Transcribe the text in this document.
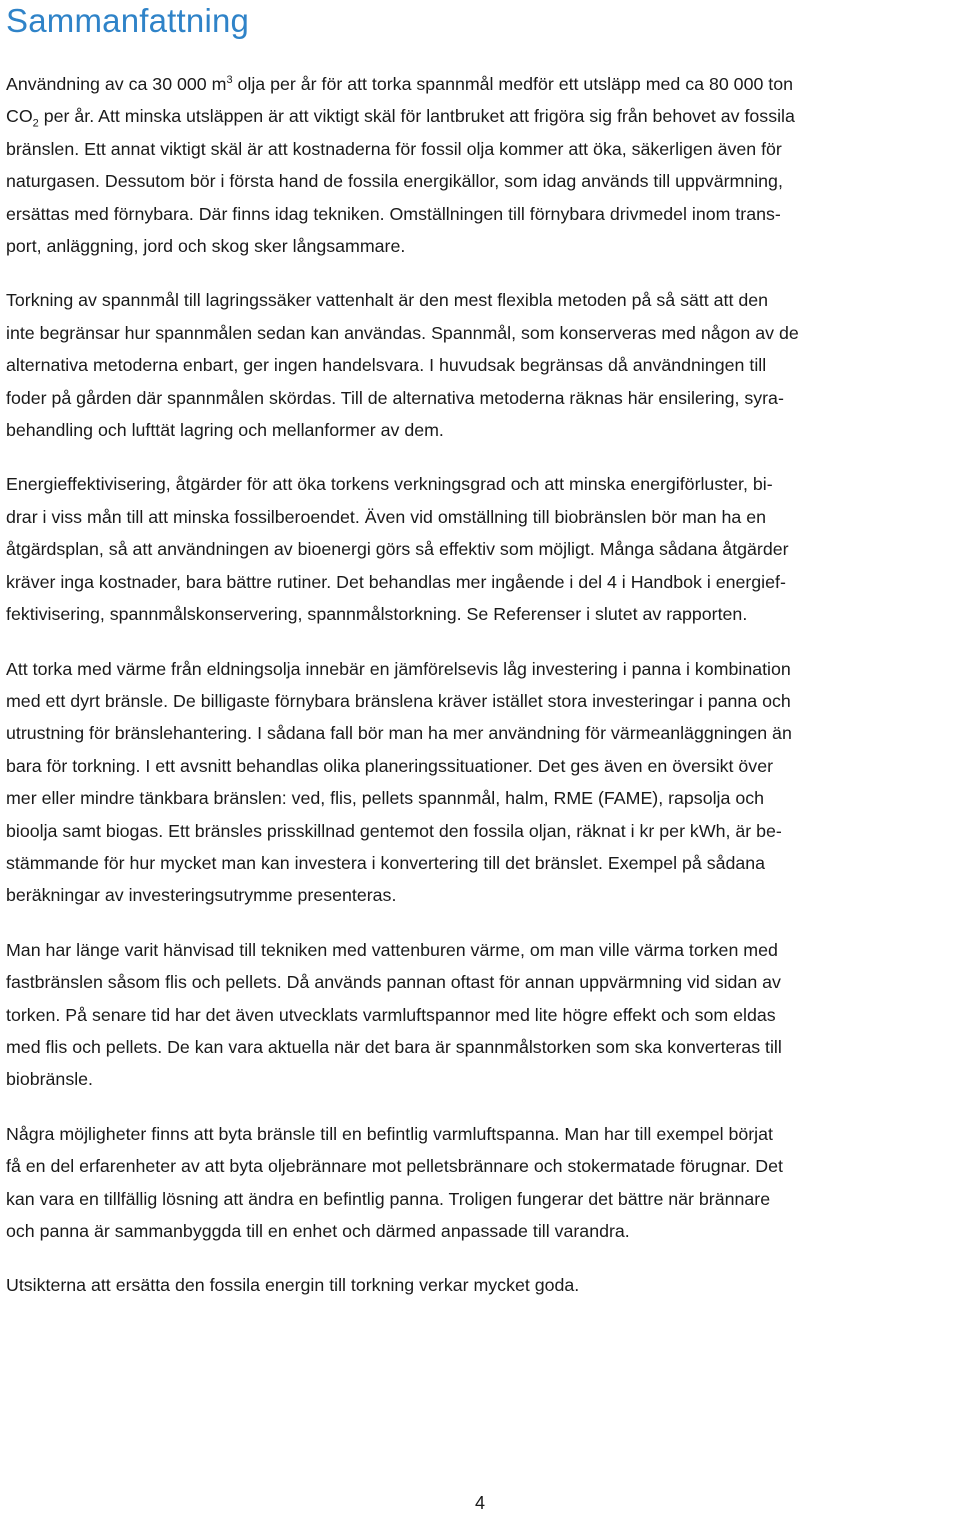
Sammanfattning

Användning av ca 30 000 $m^3$ olja per år för att torka spannmål medför ett utsläpp med ca 80 000 ton
$CO_2$ per år. Att minska utsläppen är att viktigt skäl för lantbruket att frigöra sig från behovet av fossila
bränslen. Ett annat viktigt skäl är att kostnaderna för fossil olja kommer att öka, säkerligen även för
naturgasen. Dessutom bör i första hand de fossila energikällor, som idag används till uppvärmning,
ersättas med förnybara. Där finns idag tekniken. Omställningen till förnybara drivmedel inom trans-
port, anläggning, jord och skog sker långsammare.

Torkning av spannmål till lagringssäker vattenhalt är den mest flexibla metoden på så sätt att den
inte begränsar hur spannmålen sedan kan användas. Spannmål, som konserveras med någon av de
alternativa metoderna enbart, ger ingen handelsvara. I huvudsak begränsas då användningen till
foder på gården där spannmålen skördas. Till de alternativa metoderna räknas här ensilering, syra-
behandling och lufttät lagring och mellanformer av dem.

Energieffektivisering, åtgärder för att öka torkens verkningsgrad och att minska energiförluster, bi-
drar i viss mån till att minska fossilberoendet. Även vid omställning till biobränslen bör man ha en
åtgärdsplan, så att användningen av bioenergi görs så effektiv som möjligt. Många sådana åtgärder
kräver inga kostnader, bara bättre rutiner. Det behandlas mer ingående i del 4 i Handbok i energief-
fektivisering, spannmålskonservering, spannmålstorkning. Se Referenser i slutet av rapporten.

Att torka med värme från eldningsolja innebär en jämförelsevis låg investering i panna i kombination
med ett dyrt bränsle. De billigaste förnybara bränslena kräver istället stora investeringar i panna och
utrustning för bränslehantering. I sådana fall bör man ha mer användning för värmeanläggningen än
bara för torkning. I ett avsnitt behandlas olika planeringssituationer. Det ges även en översikt över
mer eller mindre tänkbara bränslen: ved, flis, pellets spannmål, halm, RME (FAME), rapsolja och
bioolja samt biogas. Ett bränsles prisskillnad gentemot den fossila oljan, räknat i kr per kWh, är be-
stämmande för hur mycket man kan investera i konvertering till det bränslet. Exempel på sådana
beräkningar av investeringsutrymme presenteras.

Man har länge varit hänvisad till tekniken med vattenburen värme, om man ville värma torken med
fastbränslen såsom flis och pellets. Då används pannan oftast för annan uppvärmning vid sidan av
torken. På senare tid har det även utvecklats varmluftspannor med lite högre effekt och som eldas
med flis och pellets. De kan vara aktuella när det bara är spannmålstorken som ska konverteras till
biobränsle.

Några möjligheter finns att byta bränsle till en befintlig varmluftspanna. Man har till exempel börjat
få en del erfarenheter av att byta oljebrännare mot pelletsbrännare och stokermatade förugnar. Det
kan vara en tillfällig lösning att ändra en befintlig panna. Troligen fungerar det bättre när brännare
och panna är sammanbyggda till en enhet och därmed anpassade till varandra.

Utsikterna att ersätta den fossila energin till torkning verkar mycket goda.

4
